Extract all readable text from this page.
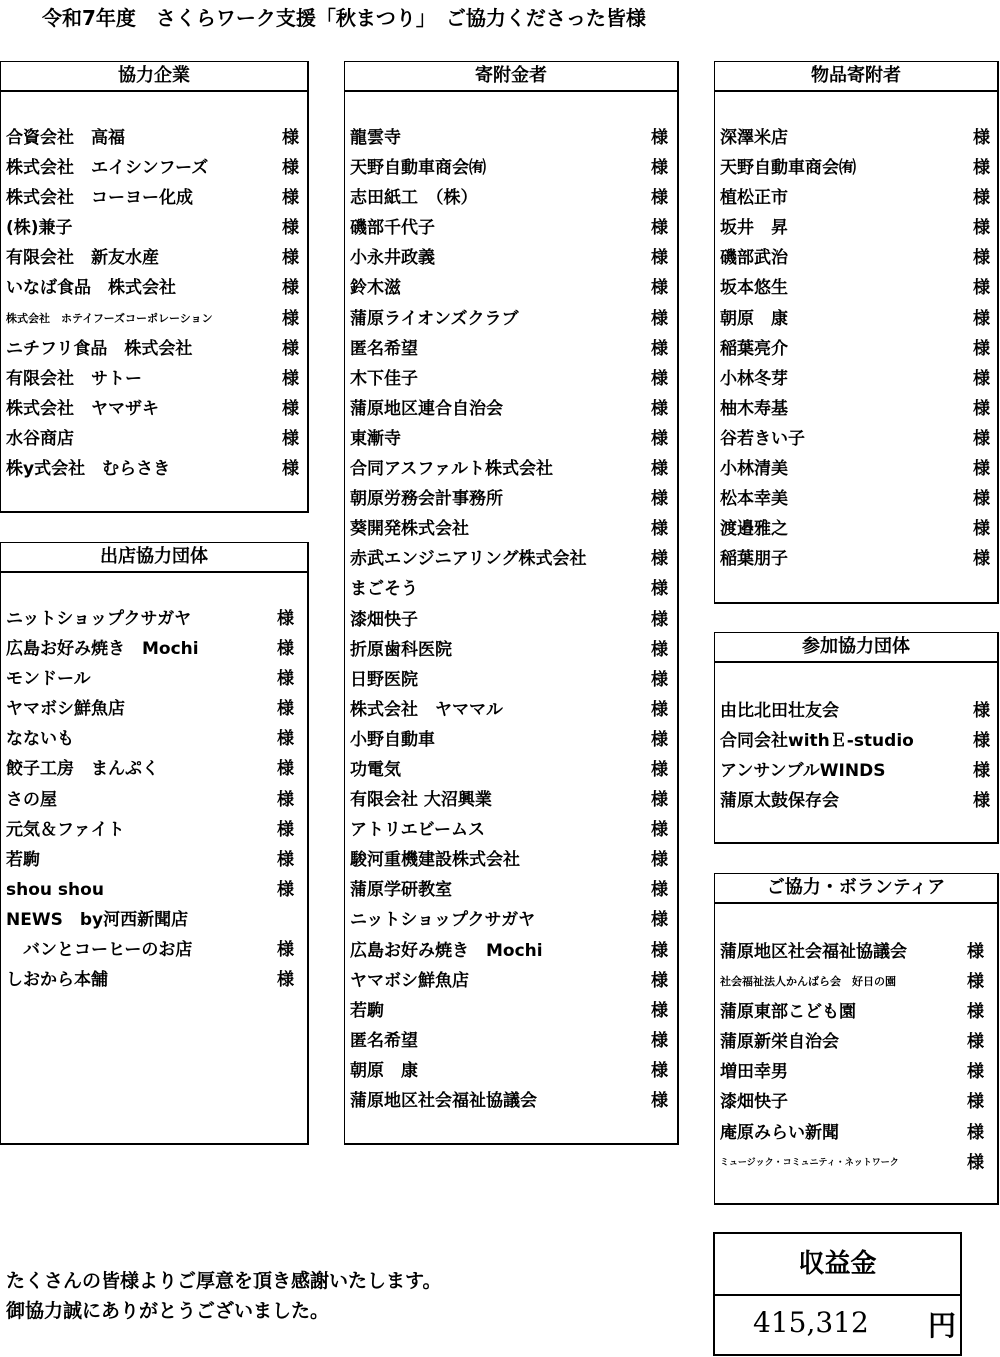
令和7年度　さくらワーク支援「秋まつり」　ご協力くださった皆様
協力企業
合資会社　高福	様
株式会社　エイシンフーズ	様
株式会社　コーヨー化成	様
(株)兼子	様
有限会社　新友水産	様
いなば食品　株式会社	様
株式会社　ホテイフーズコーポレーション	様
ニチフリ食品　株式会社	様
有限会社　サトー	様
株式会社　ヤマザキ	様
水谷商店	様
株y式会社　むらさき	様
出店協力団体
ニットショップクサガヤ	様
広島お好み焼き　Mochi	様
モンドール	様
ヤマボシ鮮魚店	様
なないも	様
餃子工房　まんぷく	様
さの屋	様
元気＆ファイト	様
若駒	様
shou shou	様
NEWS　by河西新聞店
　バンとコーヒーのお店	様
しおから本舗	様
寄附金者
龍雲寺	様
天野自動車商会㈲	様
志田紙工　（株）	様
磯部千代子	様
小永井政義	様
鈴木滋	様
蒲原ライオンズクラブ	様
匿名希望	様
木下佳子	様
蒲原地区連合自治会	様
東漸寺	様
合同アスファルト株式会社	様
朝原労務会計事務所	様
葵開発株式会社	様
赤武エンジニアリング株式会社	様
まごそう	様
漆畑快子	様
折原歯科医院	様
日野医院	様
株式会社　ヤママル	様
小野自動車	様
功電気	様
有限会社 大沼興業	様
アトリエビームス	様
駿河重機建設株式会社	様
蒲原学研教室	様
ニットショップクサガヤ	様
広島お好み焼き　Mochi	様
ヤマボシ鮮魚店	様
若駒	様
匿名希望	様
朝原　康	様
蒲原地区社会福祉協議会	様
物品寄附者
深澤米店	様
天野自動車商会㈲	様
植松正市	様
坂井　昇	様
磯部武治	様
坂本悠生	様
朝原　康	様
稲葉亮介	様
小林冬芽	様
柚木寿基	様
谷若きい子	様
小林清美	様
松本幸美	様
渡邉雅之	様
稲葉朋子	様
参加協力団体
由比北田壮友会	様
合同会社withＥ-studio	様
アンサンブルWINDS	様
蒲原太鼓保存会	様
ご協力・ボランティア
蒲原地区社会福祉協議会	様
社会福祉法人かんばら会　好日の園	様
蒲原東部こども園	様
蒲原新栄自治会	様
増田幸男	様
漆畑快子	様
庵原みらい新聞	様
ミュージック・コミュニティ・ネットワーク	様
たくさんの皆様よりご厚意を頂き感謝いたします。
御協力誠にありがとうございました。
収益金
415,312 円
